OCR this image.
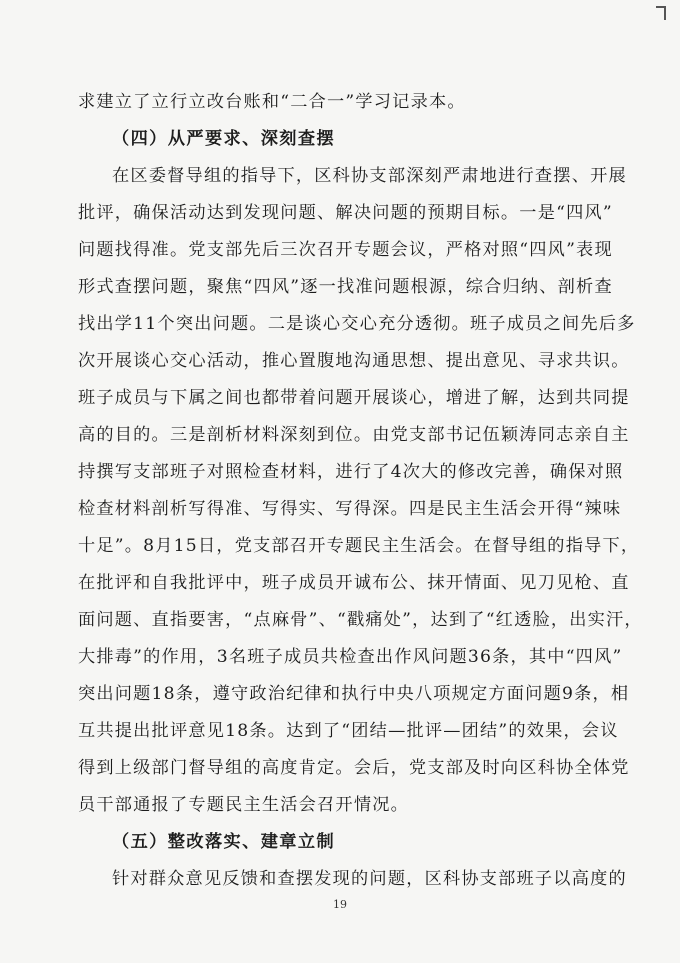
求建立了立行立改台账和“二合一”学习记录本。
（四）从严要求、深刻查摆
在区委督导组的指导下，区科协支部深刻严肃地进行查摆、开展
批评，确保活动达到发现问题、解决问题的预期目标。一是“四风”
问题找得准。党支部先后三次召开专题会议，严格对照“四风”表现
形式查摆问题，聚焦“四风”逐一找准问题根源，综合归纳、剖析查
找出学11个突出问题。二是谈心交心充分透彻。班子成员之间先后多
次开展谈心交心活动，推心置腹地沟通思想、提出意见、寻求共识。
班子成员与下属之间也都带着问题开展谈心，增进了解，达到共同提
高的目的。三是剖析材料深刻到位。由党支部书记伍颖涛同志亲自主
持撰写支部班子对照检查材料，进行了4次大的修改完善，确保对照
检查材料剖析写得准、写得实、写得深。四是民主生活会开得“辣味
十足”。8月15日，党支部召开专题民主生活会。在督导组的指导下，
在批评和自我批评中，班子成员开诚布公、抹开情面、见刀见枪、直
面问题、直指要害，“点麻骨”、“戳痛处”，达到了“红透脸，出实汗，
大排毒”的作用，3名班子成员共检查出作风问题36条，其中“四风”
突出问题18条，遵守政治纪律和执行中央八项规定方面问题9条，相
互共提出批评意见18条。达到了“团结—批评—团结”的效果，会议
得到上级部门督导组的高度肯定。会后，党支部及时向区科协全体党
员干部通报了专题民主生活会召开情况。
（五）整改落实、建章立制
针对群众意见反馈和查摆发现的问题，区科协支部班子以高度的
19
